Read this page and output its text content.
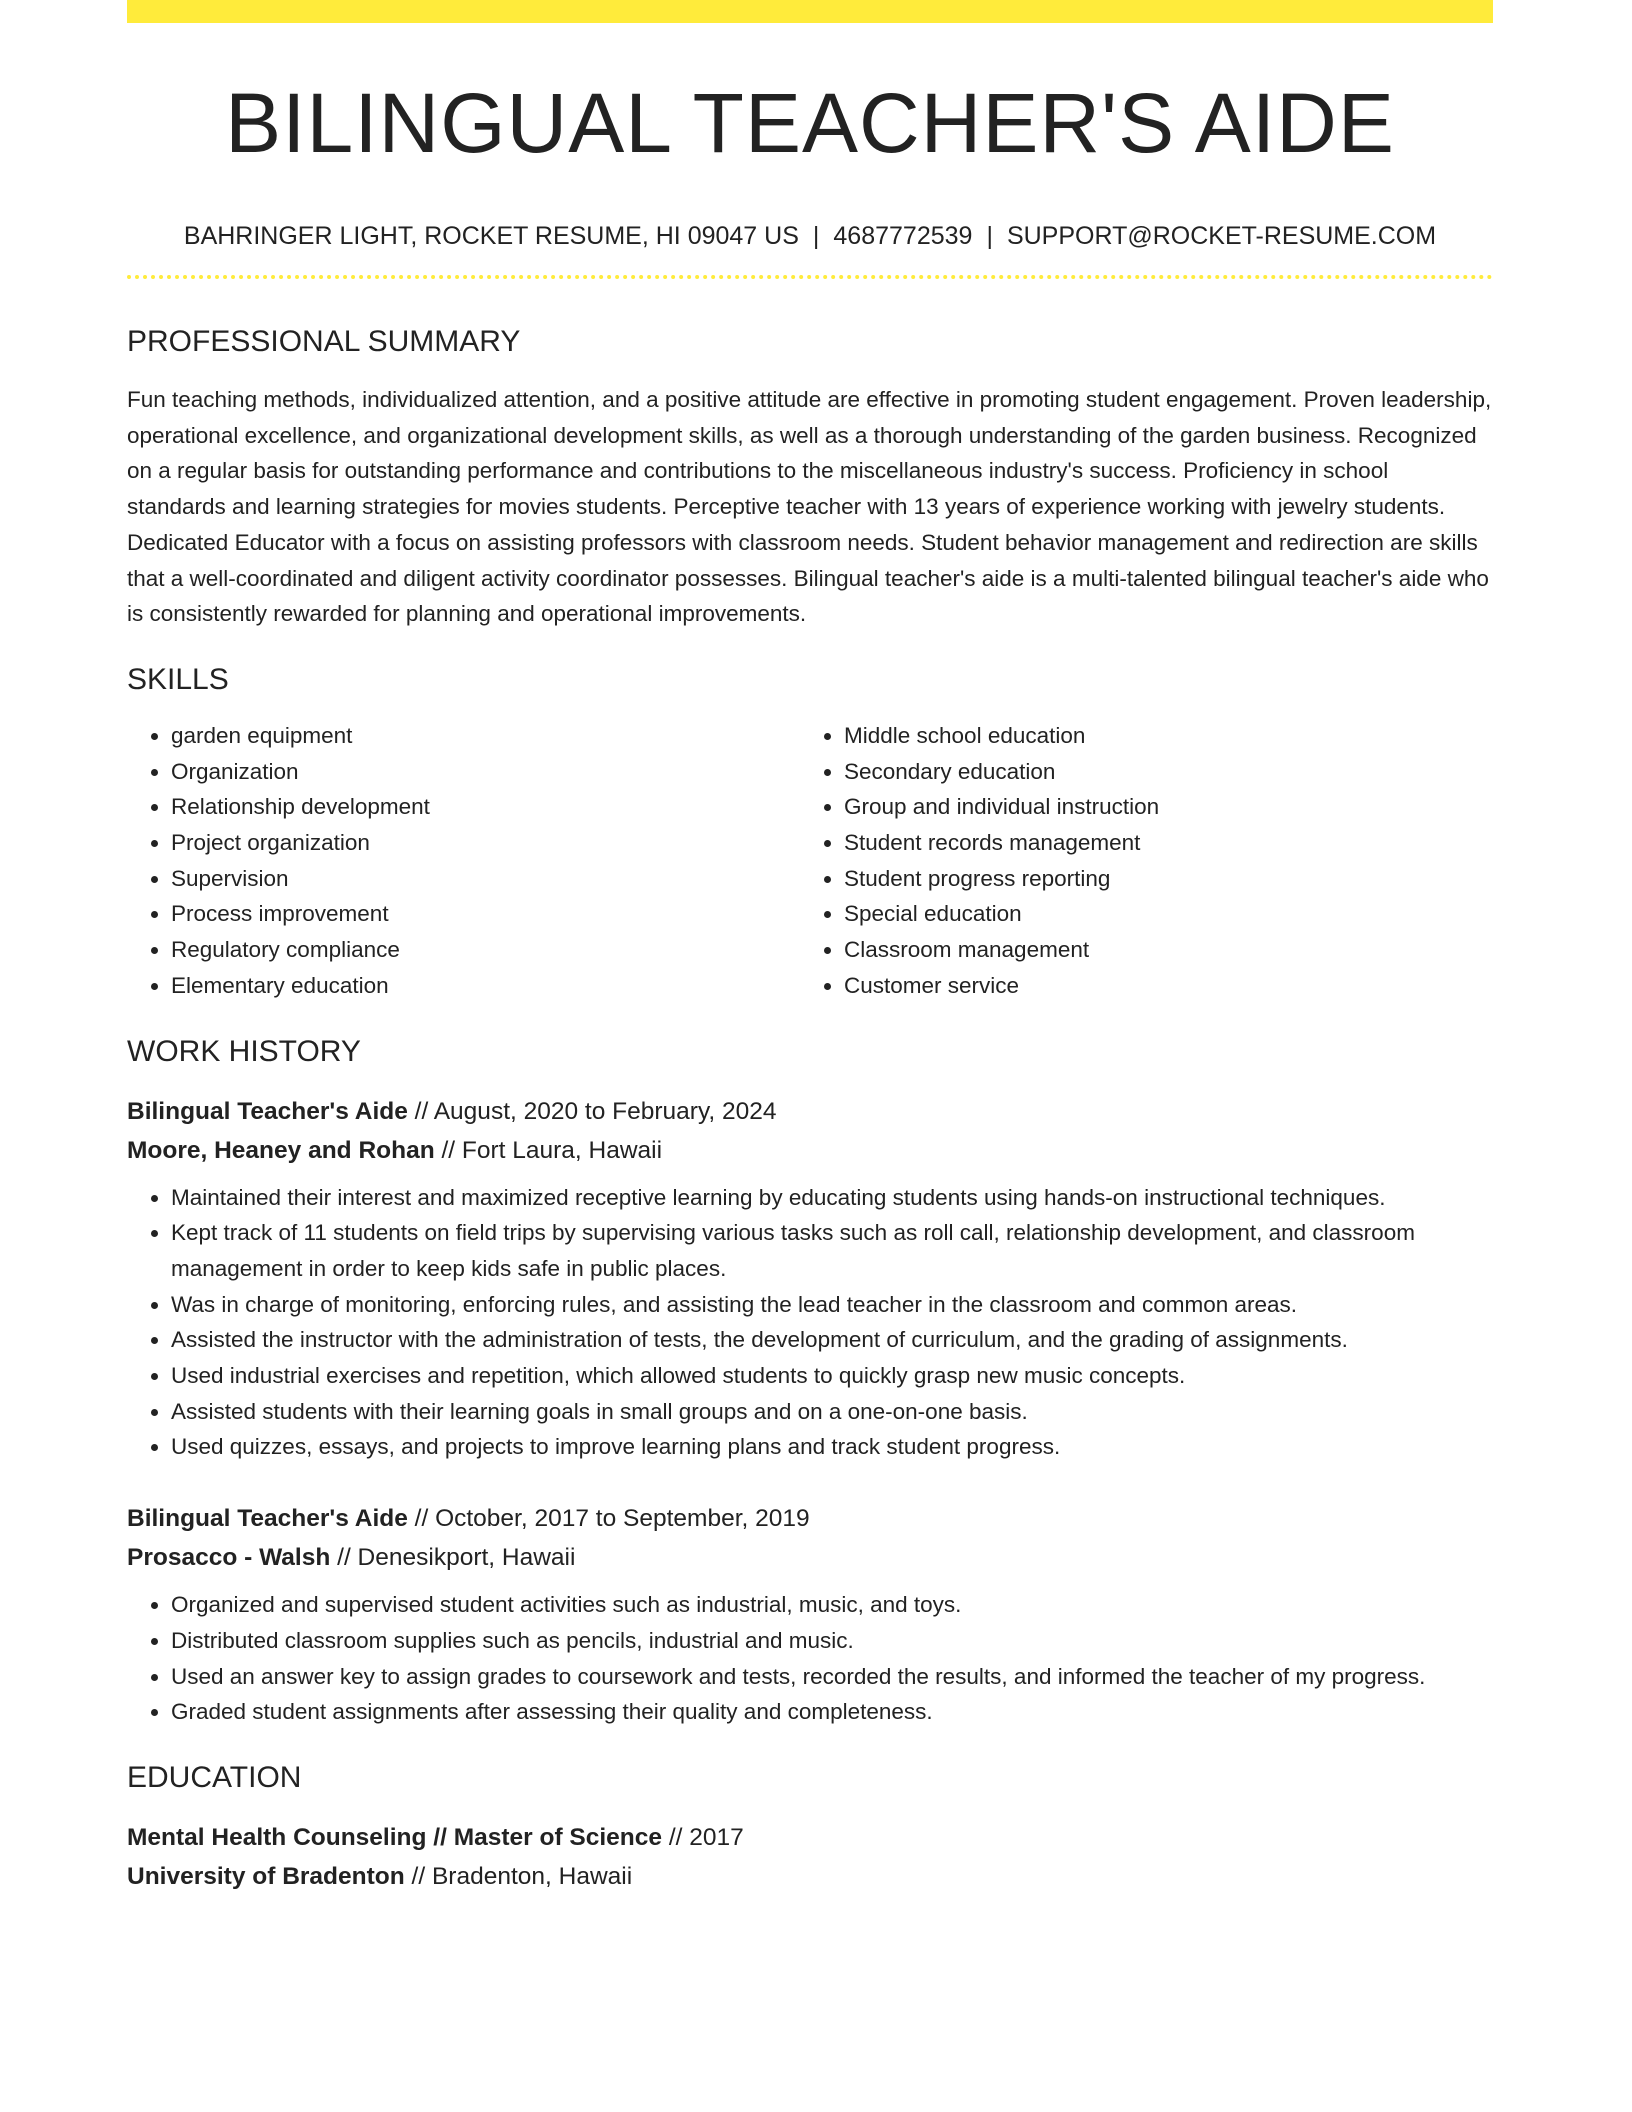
BILINGUAL TEACHER'S AIDE
BAHRINGER LIGHT, ROCKET RESUME, HI 09047 US | 4687772539 | SUPPORT@ROCKET-RESUME.COM
PROFESSIONAL SUMMARY
Fun teaching methods, individualized attention, and a positive attitude are effective in promoting student engagement. Proven leadership, operational excellence, and organizational development skills, as well as a thorough understanding of the garden business. Recognized on a regular basis for outstanding performance and contributions to the miscellaneous industry's success. Proficiency in school standards and learning strategies for movies students. Perceptive teacher with 13 years of experience working with jewelry students. Dedicated Educator with a focus on assisting professors with classroom needs. Student behavior management and redirection are skills that a well-coordinated and diligent activity coordinator possesses. Bilingual teacher's aide is a multi-talented bilingual teacher's aide who is consistently rewarded for planning and operational improvements.
SKILLS
• garden equipment
• Organization
• Relationship development
• Project organization
• Supervision
• Process improvement
• Regulatory compliance
• Elementary education
• Middle school education
• Secondary education
• Group and individual instruction
• Student records management
• Student progress reporting
• Special education
• Classroom management
• Customer service
WORK HISTORY
Bilingual Teacher's Aide // August, 2020 to February, 2024
Moore, Heaney and Rohan // Fort Laura, Hawaii
• Maintained their interest and maximized receptive learning by educating students using hands-on instructional techniques.
• Kept track of 11 students on field trips by supervising various tasks such as roll call, relationship development, and classroom management in order to keep kids safe in public places.
• Was in charge of monitoring, enforcing rules, and assisting the lead teacher in the classroom and common areas.
• Assisted the instructor with the administration of tests, the development of curriculum, and the grading of assignments.
• Used industrial exercises and repetition, which allowed students to quickly grasp new music concepts.
• Assisted students with their learning goals in small groups and on a one-on-one basis.
• Used quizzes, essays, and projects to improve learning plans and track student progress.
Bilingual Teacher's Aide // October, 2017 to September, 2019
Prosacco - Walsh // Denesikport, Hawaii
• Organized and supervised student activities such as industrial, music, and toys.
• Distributed classroom supplies such as pencils, industrial and music.
• Used an answer key to assign grades to coursework and tests, recorded the results, and informed the teacher of my progress.
• Graded student assignments after assessing their quality and completeness.
EDUCATION
Mental Health Counseling // Master of Science // 2017
University of Bradenton // Bradenton, Hawaii
